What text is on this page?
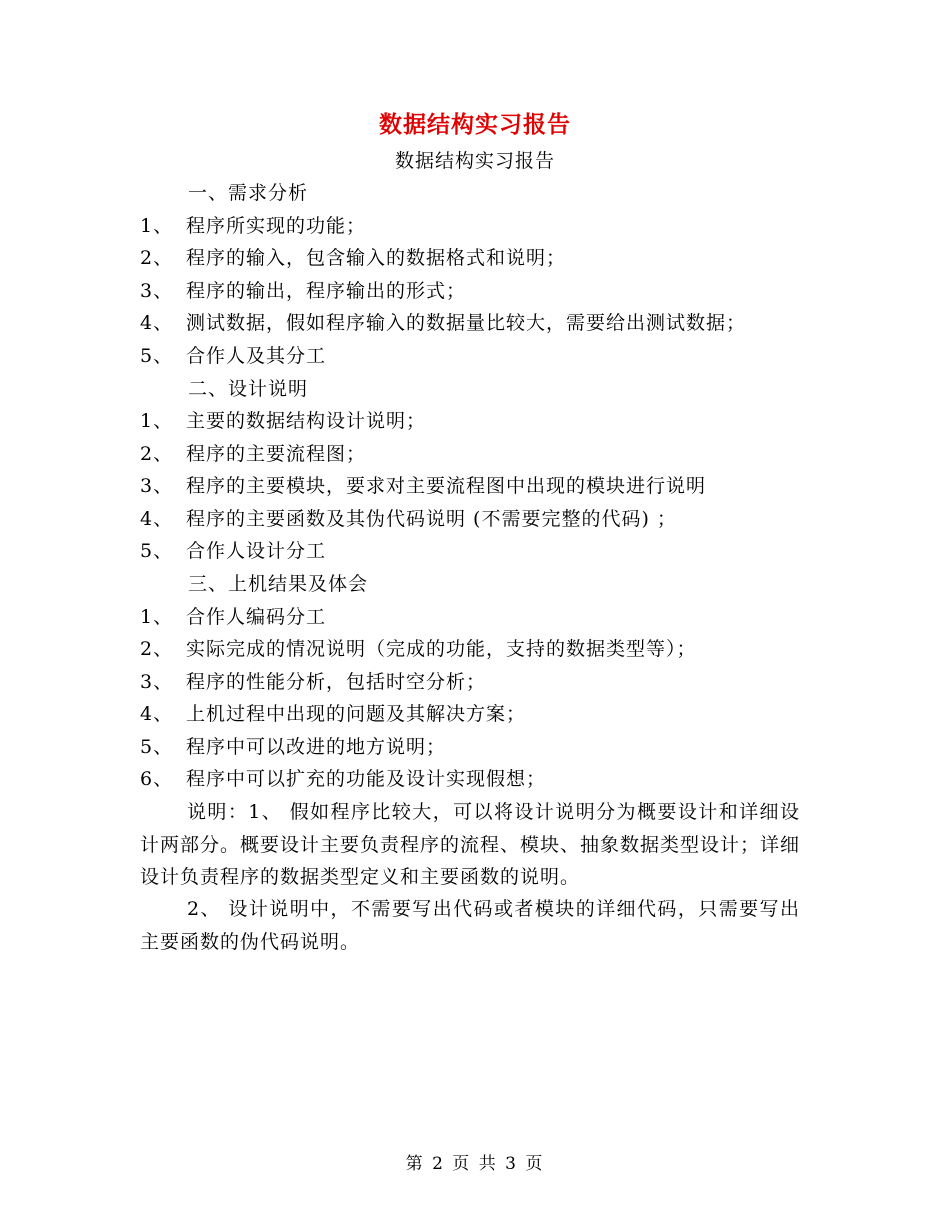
数据结构实习报告
数据结构实习报告
一、需求分析
1、 程序所实现的功能；
2、 程序的输入，包含输入的数据格式和说明；
3、 程序的输出，程序输出的形式；
4、 测试数据，假如程序输入的数据量比较大，需要给出测试数据；
5、 合作人及其分工
二、设计说明
1、 主要的数据结构设计说明；
2、 程序的主要流程图；
3、 程序的主要模块，要求对主要流程图中出现的模块进行说明
4、 程序的主要函数及其伪代码说明 (不需要完整的代码) ；
5、 合作人设计分工
三、上机结果及体会
1、 合作人编码分工
2、 实际完成的情况说明（完成的功能，支持的数据类型等）；
3、 程序的性能分析，包括时空分析；
4、 上机过程中出现的问题及其解决方案；
5、 程序中可以改进的地方说明；
6、 程序中可以扩充的功能及设计实现假想；
说明：1、 假如程序比较大，可以将设计说明分为概要设计和详细设计两部分。概要设计主要负责程序的流程、模块、抽象数据类型设计；详细设计负责程序的数据类型定义和主要函数的说明。
2、 设计说明中，不需要写出代码或者模块的详细代码，只需要写出主要函数的伪代码说明。
第 2 页 共 3 页
